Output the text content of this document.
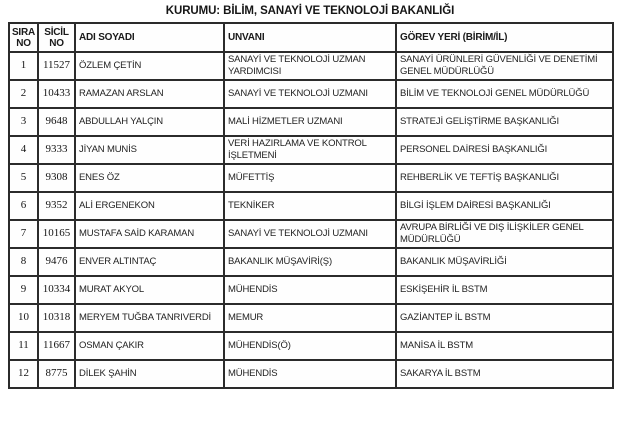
KURUMU: BİLİM, SANAYİ VE TEKNOLOJİ BAKANLIĞI
SIRA NO	SİCİL NO	ADI SOYADI	UNVANI	GÖREV YERİ (BİRİM/İL)
1	11527	ÖZLEM ÇETİN	SANAYİ VE TEKNOLOJİ UZMAN YARDIMCISI	SANAYİ ÜRÜNLERİ GÜVENLİĞİ VE DENETİMİ GENEL MÜDÜRLÜĞÜ
2	10433	RAMAZAN ARSLAN	SANAYİ VE TEKNOLOJİ UZMANI	BİLİM VE TEKNOLOJİ GENEL MÜDÜRLÜĞÜ
3	9648	ABDULLAH YALÇIN	MALİ HİZMETLER UZMANI	STRATEJİ GELİŞTİRME BAŞKANLIĞI
4	9333	JİYAN MUNİS	VERİ HAZIRLAMA VE KONTROL İŞLETMENİ	PERSONEL DAİRESİ BAŞKANLIĞI
5	9308	ENES ÖZ	MÜFETTİŞ	REHBERLİK VE TEFTİŞ BAŞKANLIĞI
6	9352	ALİ ERGENEKON	TEKNİKER	BİLGİ İŞLEM DAİRESİ BAŞKANLIĞI
7	10165	MUSTAFA SAİD KARAMAN	SANAYİ VE TEKNOLOJİ UZMANI	AVRUPA BİRLİĞİ VE DIŞ İLİŞKİLER GENEL MÜDÜRLÜĞÜ
8	9476	ENVER ALTINTAÇ	BAKANLIK MÜŞAVİRİ(Ş)	BAKANLIK MÜŞAVİRLİĞİ
9	10334	MURAT AKYOL	MÜHENDİS	ESKİŞEHİR İL BSTM
10	10318	MERYEM TUĞBA TANRIVERDİ	MEMUR	GAZİANTEP İL BSTM
11	11667	OSMAN ÇAKIR	MÜHENDİS(Ö)	MANİSA İL BSTM
12	8775	DİLEK ŞAHİN	MÜHENDİS	SAKARYA İL BSTM
